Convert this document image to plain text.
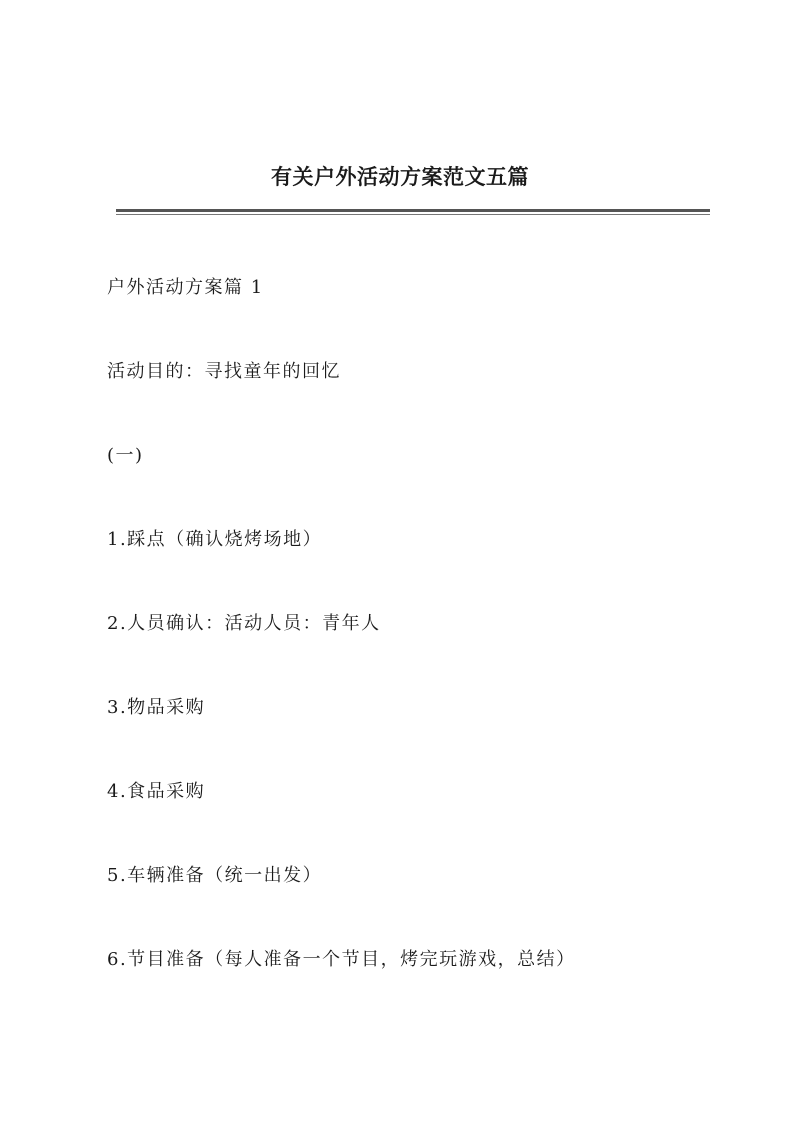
有关户外活动方案范文五篇
户外活动方案篇 1
活动目的：寻找童年的回忆
(一)
1.踩点（确认烧烤场地）
2.人员确认：活动人员：青年人
3.物品采购
4.食品采购
5.车辆准备（统一出发）
6.节目准备（每人准备一个节目，烤完玩游戏，总结）
